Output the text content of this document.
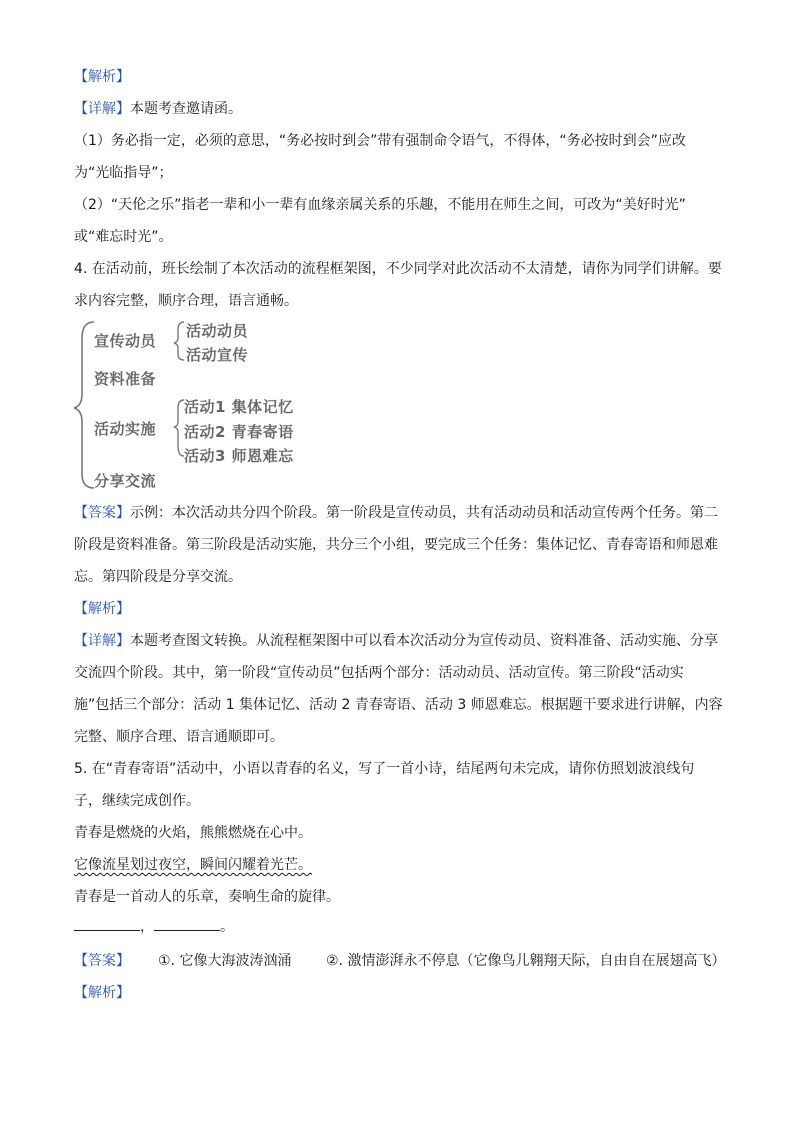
【解析】
【详解】本题考查邀请函。
（1）务必指一定，必须的意思，“务必按时到会”带有强制命令语气，不得体，“务必按时到会”应改
为“光临指导”；
（2）“天伦之乐”指老一辈和小一辈有血缘亲属关系的乐趣，不能用在师生之间，可改为“美好时光”
或“难忘时光”。
4. 在活动前，班长绘制了本次活动的流程框架图，不少同学对此次活动不太清楚，请你为同学们讲解。要
求内容完整，顺序合理，语言通畅。
宣传动员
活动动员
活动宣传
资料准备
活动实施
活动1 集体记忆
活动2 青春寄语
活动3 师恩难忘
分享交流
【答案】示例：本次活动共分四个阶段。第一阶段是宣传动员，共有活动动员和活动宣传两个任务。第二
阶段是资料准备。第三阶段是活动实施，共分三个小组，要完成三个任务：集体记忆、青春寄语和师恩难
忘。第四阶段是分享交流。
【解析】
【详解】本题考查图文转换。从流程框架图中可以看本次活动分为宣传动员、资料准备、活动实施、分享
交流四个阶段。其中，第一阶段“宣传动员”包括两个部分：活动动员、活动宣传。第三阶段“活动实
施”包括三个部分：活动 1 集体记忆、活动 2 青春寄语、活动 3 师恩难忘。根据题干要求进行讲解，内容
完整、顺序合理、语言通顺即可。
5. 在“青春寄语”活动中，小语以青春的名义，写了一首小诗，结尾两句未完成，请你仿照划波浪线句
子，继续完成创作。
青春是燃烧的火焰，熊熊燃烧在心中。
它像流星划过夜空，瞬间闪耀着光芒。
青春是一首动人的乐章，奏响生命的旋律。
，	。
【答案】 ①. 它像大海波涛汹涌 ②. 激情澎湃永不停息（它像鸟儿翱翔天际，自由自在展翅高飞）
【解析】
